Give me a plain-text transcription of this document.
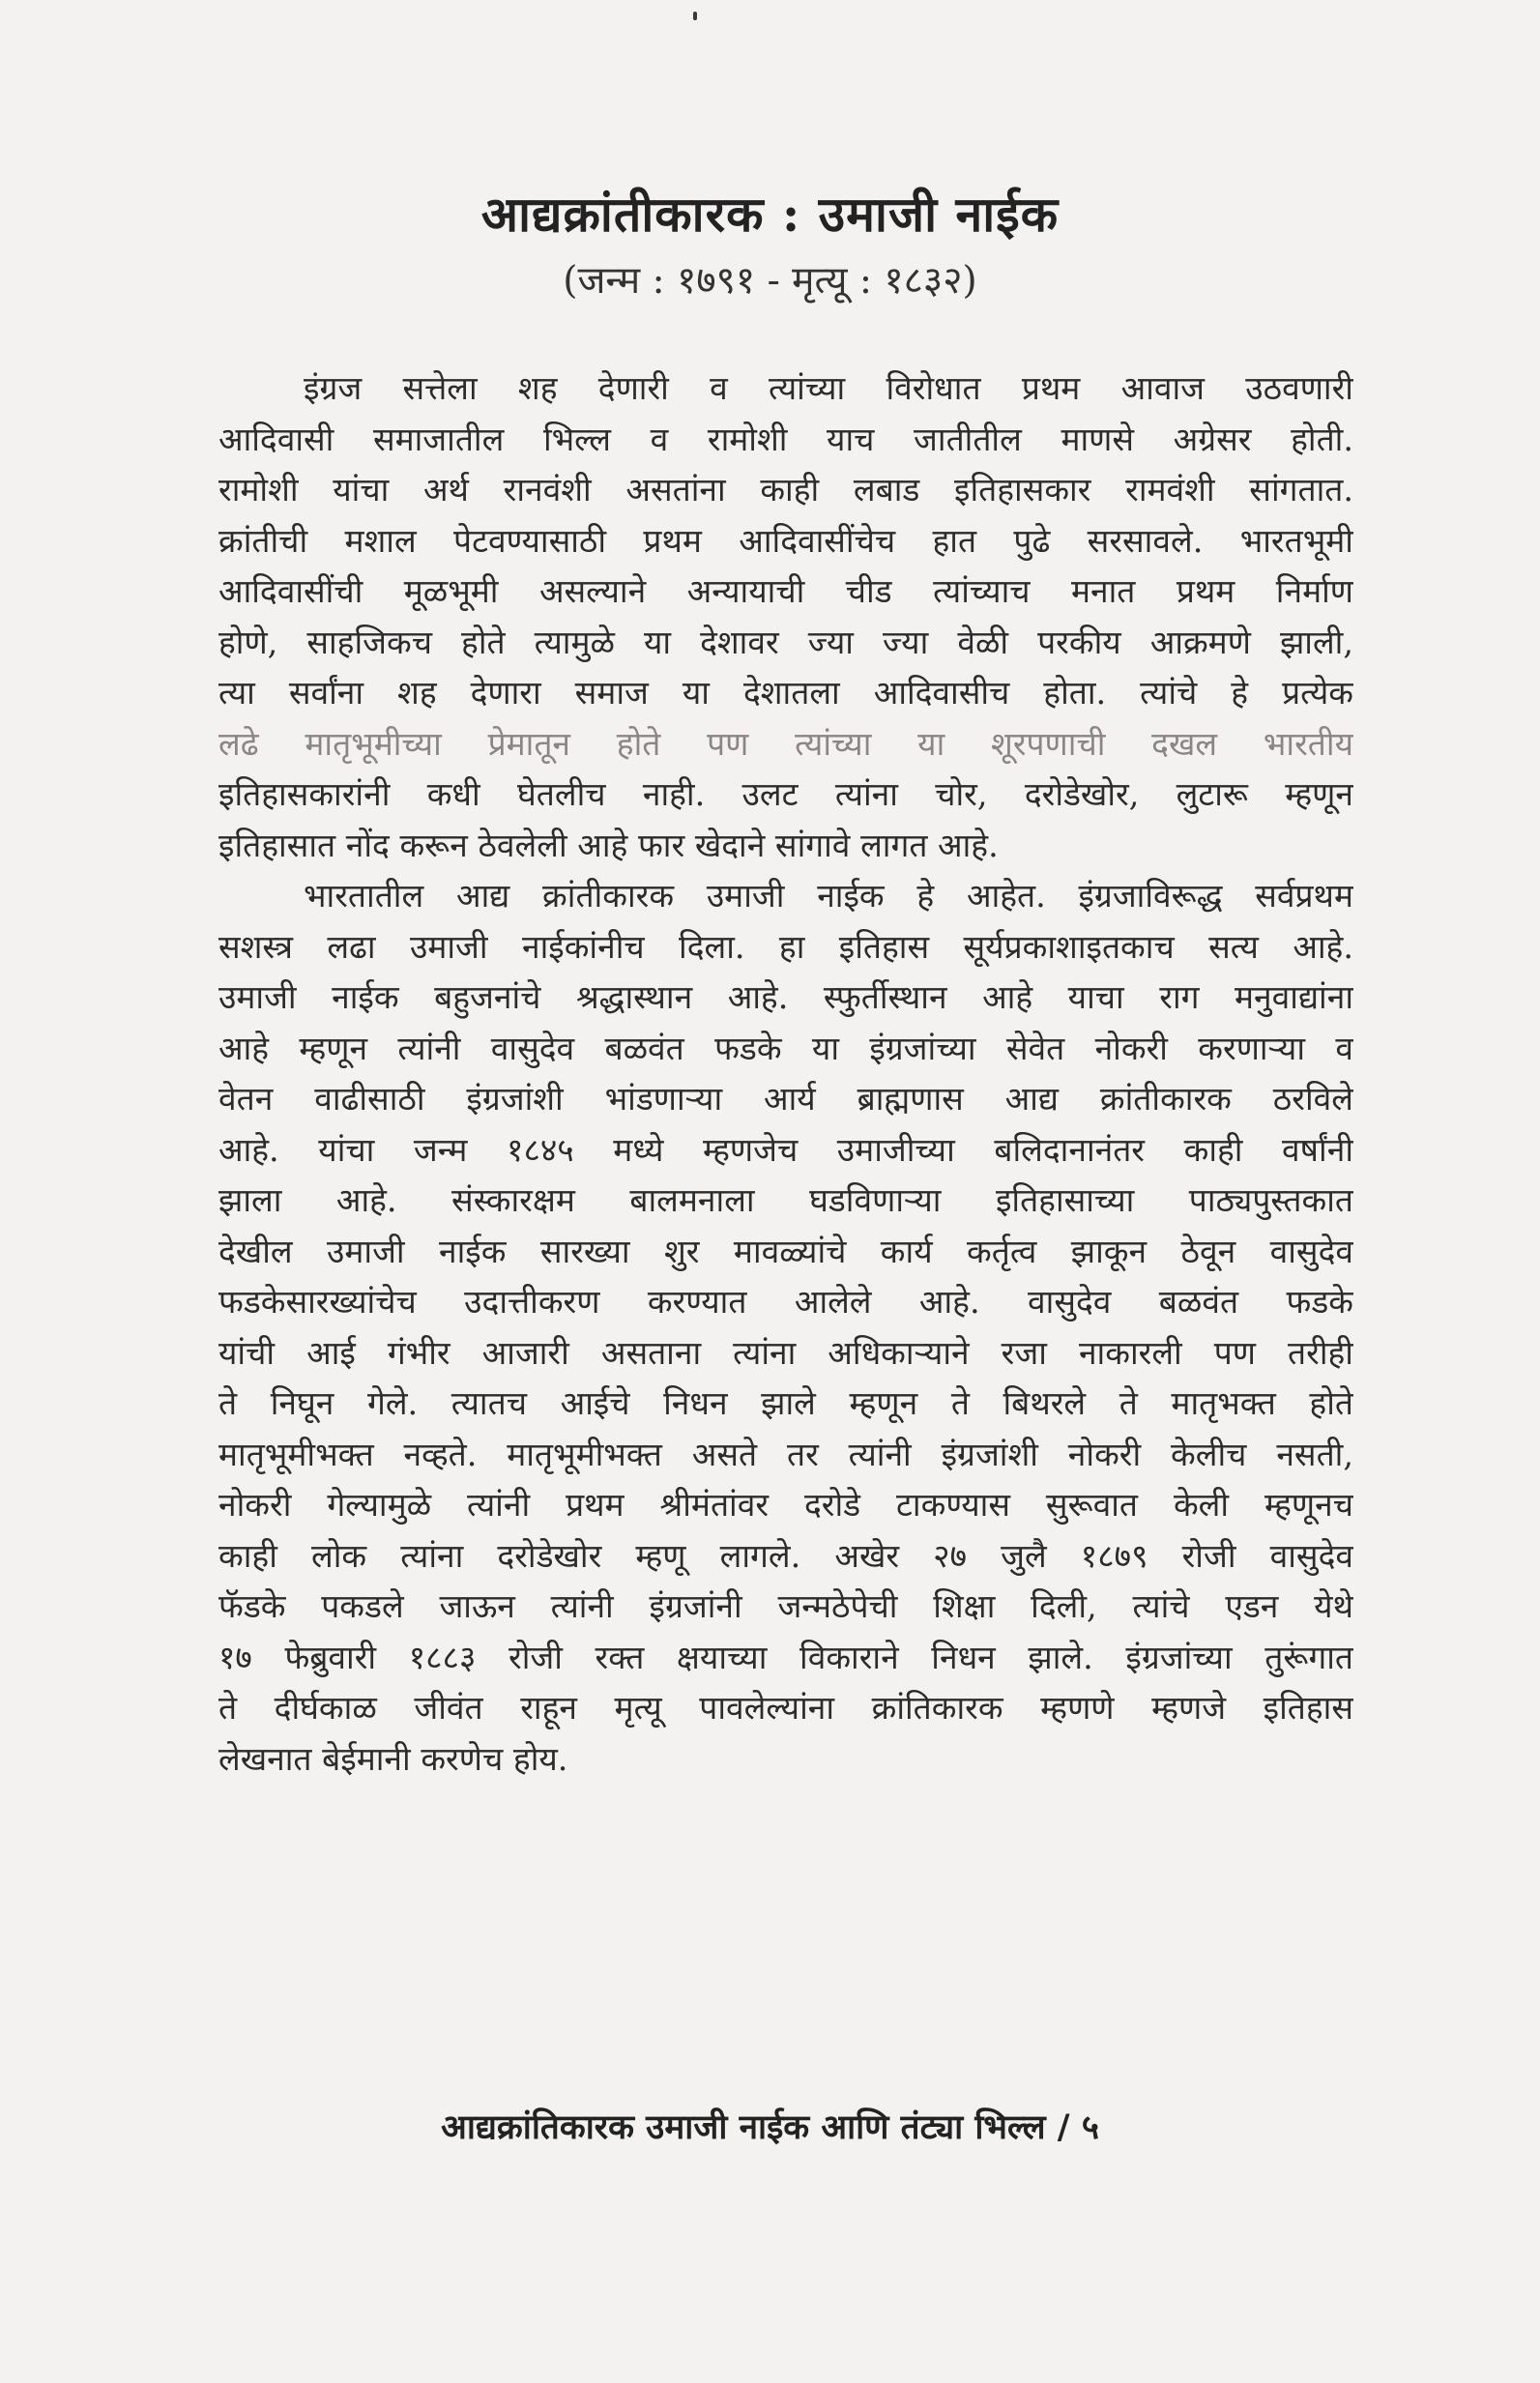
आद्यक्रांतीकारक : उमाजी नाईक
(जन्म : १७९१ - मृत्यू : १८३२)
इंग्रज सत्तेला शह देणारी व त्यांच्या विरोधात प्रथम आवाज उठवणारी
आदिवासी समाजातील भिल्ल व रामोशी याच जातीतील माणसे अग्रेसर होती.
रामोशी यांचा अर्थ रानवंशी असतांना काही लबाड इतिहासकार रामवंशी सांगतात.
क्रांतीची मशाल पेटवण्यासाठी प्रथम आदिवासींचेच हात पुढे सरसावले. भारतभूमी
आदिवासींची मूळभूमी असल्याने अन्यायाची चीड त्यांच्याच मनात प्रथम निर्माण
होणे, साहजिकच होते त्यामुळे या देशावर ज्या ज्या वेळी परकीय आक्रमणे झाली,
त्या सर्वांना शह देणारा समाज या देशातला आदिवासीच होता. त्यांचे हे प्रत्येक
लढे मातृभूमीच्या प्रेमातून होते पण त्यांच्या या शूरपणाची दखल भारतीय
इतिहासकारांनी कधी घेतलीच नाही. उलट त्यांना चोर, दरोडेखोर, लुटारू म्हणून
इतिहासात नोंद करून ठेवलेली आहे फार खेदाने सांगावे लागत आहे.
भारतातील आद्य क्रांतीकारक उमाजी नाईक हे आहेत. इंग्रजाविरूद्ध सर्वप्रथम
सशस्त्र लढा उमाजी नाईकांनीच दिला. हा इतिहास सूर्यप्रकाशाइतकाच सत्य आहे.
उमाजी नाईक बहुजनांचे श्रद्धास्थान आहे. स्फुर्तीस्थान आहे याचा राग मनुवाद्यांना
आहे म्हणून त्यांनी वासुदेव बळवंत फडके या इंग्रजांच्या सेवेत नोकरी करणाऱ्या व
वेतन वाढीसाठी इंग्रजांशी भांडणाऱ्या आर्य ब्राह्मणास आद्य क्रांतीकारक ठरविले
आहे. यांचा जन्म १८४५ मध्ये म्हणजेच उमाजीच्या बलिदानानंतर काही वर्षांनी
झाला आहे. संस्कारक्षम बालमनाला घडविणाऱ्या इतिहासाच्या पाठ्यपुस्तकात
देखील उमाजी नाईक सारख्या शुर मावळ्यांचे कार्य कर्तृत्व झाकून ठेवून वासुदेव
फडकेसारख्यांचेच उदात्तीकरण करण्यात आलेले आहे. वासुदेव बळवंत फडके
यांची आई गंभीर आजारी असताना त्यांना अधिकाऱ्याने रजा नाकारली पण तरीही
ते निघून गेले. त्यातच आईचे निधन झाले म्हणून ते बिथरले ते मातृभक्त होते
मातृभूमीभक्त नव्हते. मातृभूमीभक्त असते तर त्यांनी इंग्रजांशी नोकरी केलीच नसती,
नोकरी गेल्यामुळे त्यांनी प्रथम श्रीमंतांवर दरोडे टाकण्यास सुरूवात केली म्हणूनच
काही लोक त्यांना दरोडेखोर म्हणू लागले. अखेर २७ जुलै १८७९ रोजी वासुदेव
फॅडके पकडले जाऊन त्यांनी इंग्रजांनी जन्मठेपेची शिक्षा दिली, त्यांचे एडन येथे
१७ फेब्रुवारी १८८३ रोजी रक्त क्षयाच्या विकाराने निधन झाले. इंग्रजांच्या तुरूंगात
ते दीर्घकाळ जीवंत राहून मृत्यू पावलेल्यांना क्रांतिकारक म्हणणे म्हणजे इतिहास
लेखनात बेईमानी करणेच होय.
आद्यक्रांतिकारक उमाजी नाईक आणि तंट्या भिल्ल / ५
